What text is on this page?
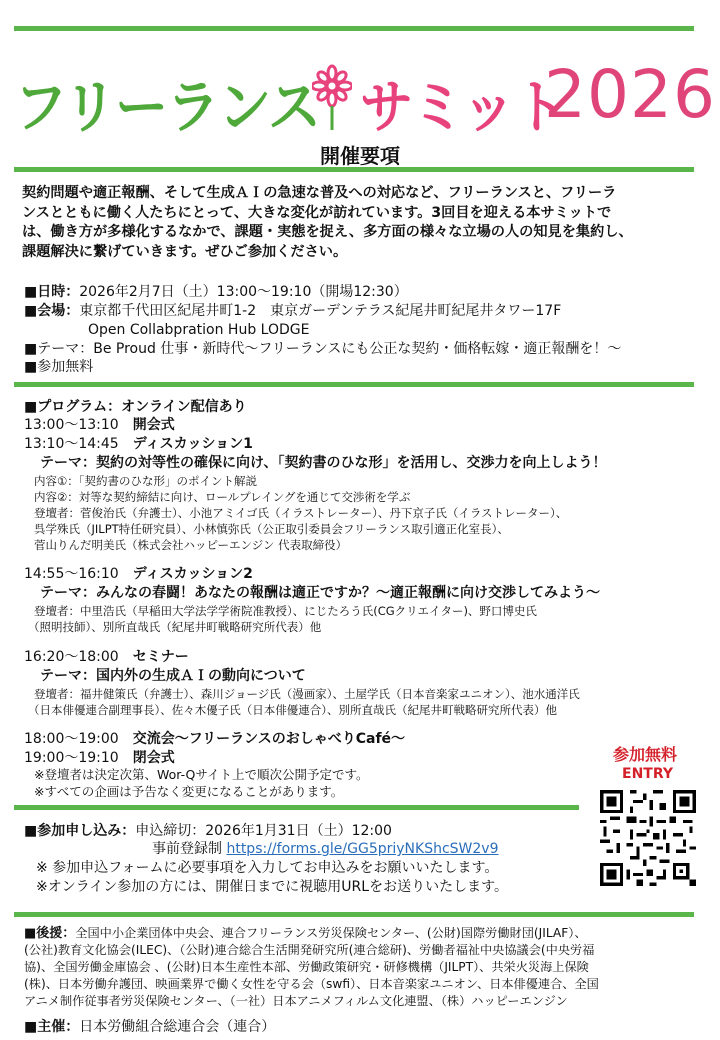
フリーランス サミット
2026
開催要項
契約問題や適正報酬、そして生成ＡＩの急速な普及への対応など、フリーランスと、フリーラ
ンスとともに働く人たちにとって、大きな変化が訪れています。3回目を迎える本サミットで
は、働き方が多様化するなかで、課題・実態を捉え、多方面の様々な立場の人の知見を集約し、
課題解決に繋げていきます。ぜひご参加ください。
■日時：2026年2月7日（土）13:00～19:10（開場12:30）
■会場：東京都千代田区紀尾井町1-2　東京ガーデンテラス紀尾井町紀尾井タワー17F
Open Collabpration Hub LODGE
■テーマ：Be Proud 仕事・新時代～フリーランスにも公正な契約・価格転嫁・適正報酬を！～
■参加無料
■プログラム：オンライン配信あり
13:00～13:10　 開会式
13:10～14:45　 ディスカッション1
テーマ：契約の対等性の確保に向け、「契約書のひな形」を活用し、交渉力を向上しよう！
内容①：「契約書のひな形」のポイント解説
内容②：対等な契約締結に向け、ロールプレイングを通じて交渉術を学ぶ
登壇者：菅俊治氏（弁護士）、小池アミイゴ氏（イラストレーター）、丹下京子氏（イラストレーター）、
呉学殊氏（JILPT特任研究員）、小林慎弥氏（公正取引委員会フリーランス取引適正化室長）、
菅山りんだ明美氏（株式会社ハッピーエンジン 代表取締役）
14:55～16:10　 ディスカッション2
テーマ：みんなの春闘！あなたの報酬は適正ですか？～適正報酬に向け交渉してみよう～
登壇者：中里浩氏（早稲田大学法学学術院准教授）、にじたろう氏(CGクリエイター)、野口博史氏
（照明技師）、別所直哉氏（紀尾井町戦略研究所代表）他
16:20～18:00　 セミナー
テーマ：国内外の生成ＡＩの動向について
登壇者：福井健策氏（弁護士）、森川ジョージ氏（漫画家）、土屋学氏（日本音楽家ユニオン）、池水通洋氏
（日本俳優連合副理事長）、佐々木優子氏（日本俳優連合）、別所直哉氏（紀尾井町戦略研究所代表）他
18:00～19:00　 交流会～フリーランスのおしゃべりCafé～
19:00～19:10　 閉会式
※登壇者は決定次第、Wor-Qサイト上で順次公開予定です。
※すべての企画は予告なく変更になることがあります。
参加無料
ENTRY
■参加申し込み：申込締切：2026年1月31日（土）12:00
事前登録制 https://forms.gle/GG5priyNKShcSW2v9
※ 参加申込フォームに必要事項を入力してお申込みをお願いいたします。
※オンライン参加の方には、開催日までに視聴用URLをお送りいたします。
■後援：全国中小企業団体中央会、連合フリーランス労災保険センター、(公財)国際労働財団(JILAF）、
(公社)教育文化協会(ILEC)、（公財)連合総合生活開発研究所(連合総研)、労働者福祉中央協議会(中央労福
協)、全国労働金庫協会 、(公財)日本生産性本部、労働政策研究・研修機構（JILPT）、共栄火災海上保険
(株)、日本労働弁護団、映画業界で働く女性を守る会（swfi）、日本音楽家ユニオン、日本俳優連合、全国
アニメ制作従事者労災保険センター、（一社）日本アニメフィルム文化連盟、（株）ハッピーエンジン
■主催：日本労働組合総連合会（連合）
